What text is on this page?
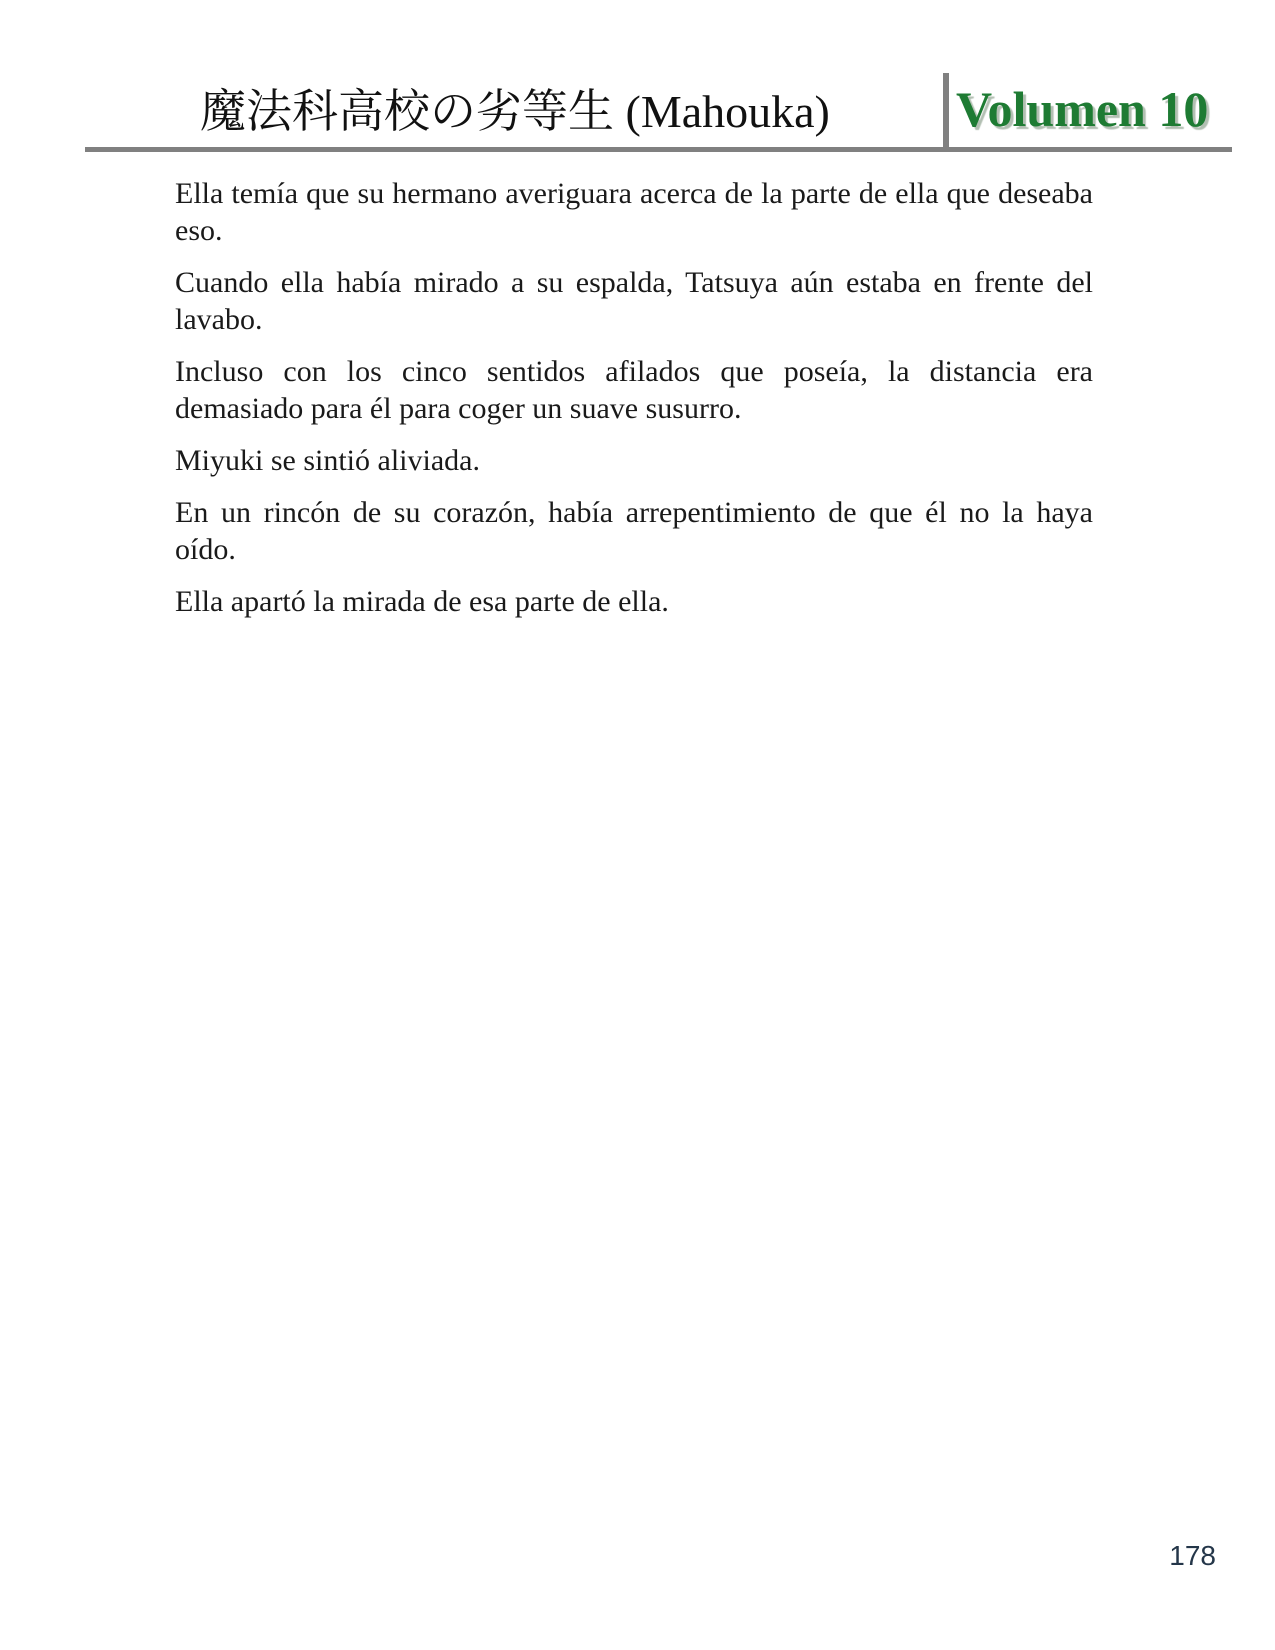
魔法科高校の劣等生 (Mahouka)	Volumen 10

Ella temía que su hermano averiguara acerca de la parte de ella que deseaba eso.

Cuando ella había mirado a su espalda, Tatsuya aún estaba en frente del lavabo.

Incluso con los cinco sentidos afilados que poseía, la distancia era demasiado para él para coger un suave susurro.

Miyuki se sintió aliviada.

En un rincón de su corazón, había arrepentimiento de que él no la haya oído.

Ella apartó la mirada de esa parte de ella.

178
